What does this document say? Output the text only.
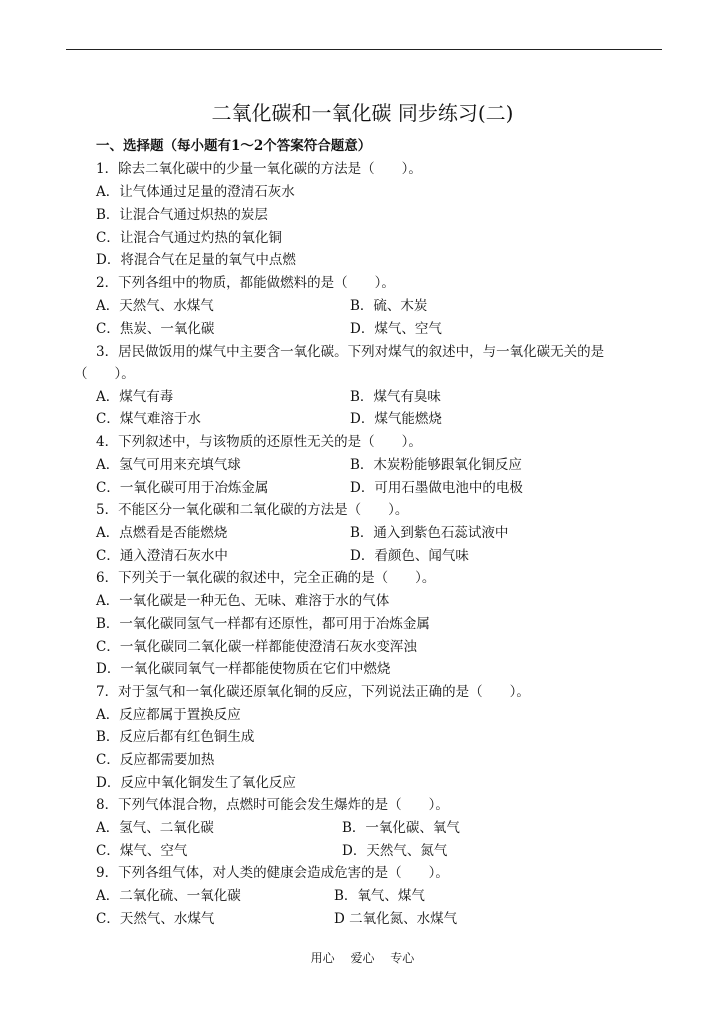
二氧化碳和一氧化碳 同步练习(二)
一、选择题（每小题有1～2个答案符合题意）
1．除去二氧化碳中的少量一氧化碳的方法是（　　）。
A．让气体通过足量的澄清石灰水
B．让混合气通过炽热的炭层
C．让混合气通过灼热的氧化铜
D．将混合气在足量的氧气中点燃
2．下列各组中的物质，都能做燃料的是（　　）。
A．天然气、水煤气	B．硫、木炭
C．焦炭、一氧化碳	D．煤气、空气
3．居民做饭用的煤气中主要含一氧化碳。下列对煤气的叙述中，与一氧化碳无关的是
（　　）。
A．煤气有毒	B．煤气有臭味
C．煤气难溶于水	D．煤气能燃烧
4．下列叙述中，与该物质的还原性无关的是（　　）。
A．氢气可用来充填气球	B．木炭粉能够跟氧化铜反应
C．一氧化碳可用于冶炼金属	D．可用石墨做电池中的电极
5．不能区分一氧化碳和二氧化碳的方法是（　　）。
A．点燃看是否能燃烧	B．通入到紫色石蕊试液中
C．通入澄清石灰水中	D．看颜色、闻气味
6．下列关于一氧化碳的叙述中，完全正确的是（　　）。
A．一氧化碳是一种无色、无味、难溶于水的气体
B．一氧化碳同氢气一样都有还原性，都可用于冶炼金属
C．一氧化碳同二氧化碳一样都能使澄清石灰水变浑浊
D．一氧化碳同氧气一样都能使物质在它们中燃烧
7．对于氢气和一氧化碳还原氧化铜的反应，下列说法正确的是（　　）。
A．反应都属于置换反应
B．反应后都有红色铜生成
C．反应都需要加热
D．反应中氧化铜发生了氧化反应
8．下列气体混合物，点燃时可能会发生爆炸的是（　　）。
A．氢气、二氧化碳	B．一氧化碳、氧气
C．煤气、空气	D．天然气、氮气
9．下列各组气体，对人类的健康会造成危害的是（　　）。
A．二氧化硫、一氧化碳	B．氧气、煤气
C．天然气、水煤气	D 二氧化氮、水煤气
用心　 爱心　 专心
